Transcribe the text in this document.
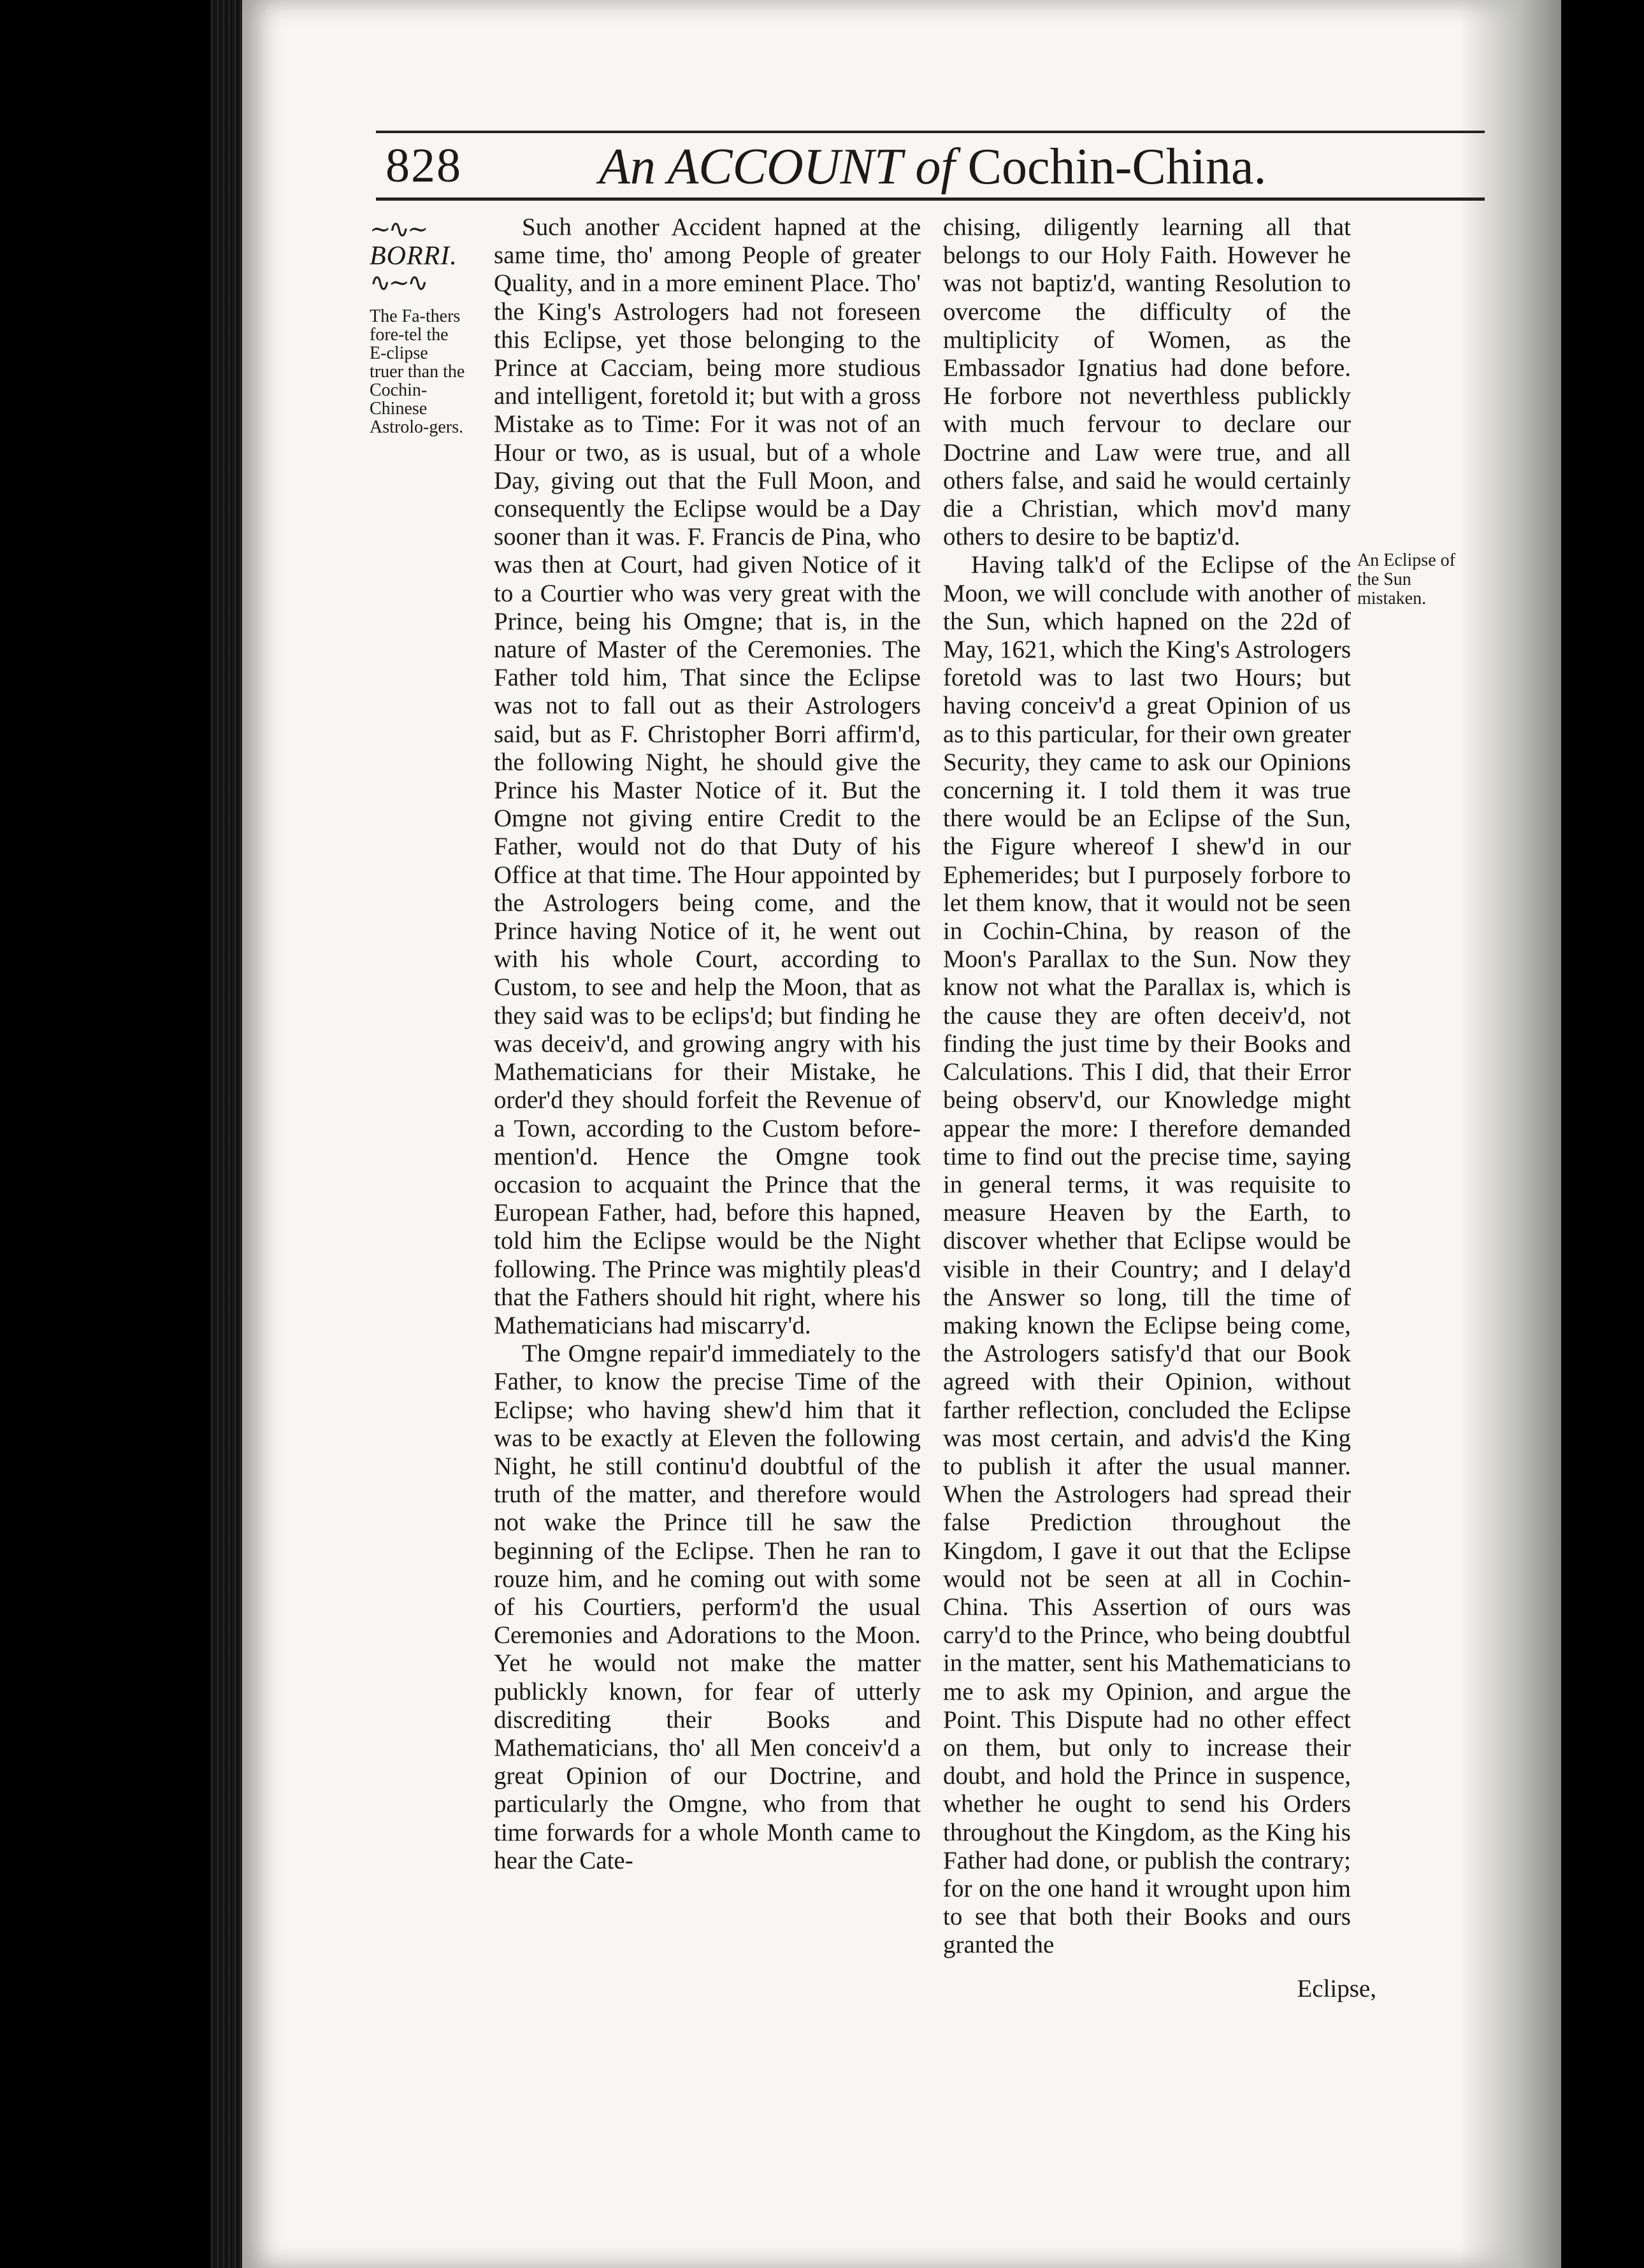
828	An ACCOUNT of Cochin-China.
∼∿∼
BORRI.
∿∼∿
The Fa-thers fore-tel the E-clipse truer than the Cochin-Chinese Astrolo-gers.

Such another Accident hapned at the same time, tho' among People of greater Quality, and in a more eminent Place. Tho' the King's Astrologers had not foreseen this Eclipse, yet those belonging to the Prince at Cacciam, being more studious and intelligent, foretold it; but with a gross Mistake as to Time: For it was not of an Hour or two, as is usual, but of a whole Day, giving out that the Full Moon, and consequently the Eclipse would be a Day sooner than it was. F. Francis de Pina, who was then at Court, had given Notice of it to a Courtier who was very great with the Prince, being his Omgne; that is, in the nature of Master of the Ceremonies. The Father told him, That since the Eclipse was not to fall out as their Astrologers said, but as F. Christopher Borri affirm'd, the following Night, he should give the Prince his Master Notice of it. But the Omgne not giving entire Credit to the Father, would not do that Duty of his Office at that time. The Hour appointed by the Astrologers being come, and the Prince having Notice of it, he went out with his whole Court, according to Custom, to see and help the Moon, that as they said was to be eclips'd; but finding he was deceiv'd, and growing angry with his Mathematicians for their Mistake, he order'd they should forfeit the Revenue of a Town, according to the Custom before-mention'd. Hence the Omgne took occasion to acquaint the Prince that the European Father, had, before this hapned, told him the Eclipse would be the Night following. The Prince was mightily pleas'd that the Fathers should hit right, where his Mathematicians had miscarry'd.

The Omgne repair'd immediately to the Father, to know the precise Time of the Eclipse; who having shew'd him that it was to be exactly at Eleven the following Night, he still continu'd doubtful of the truth of the matter, and therefore would not wake the Prince till he saw the beginning of the Eclipse. Then he ran to rouze him, and he coming out with some of his Courtiers, perform'd the usual Ceremonies and Adorations to the Moon. Yet he would not make the matter publickly known, for fear of utterly discrediting their Books and Mathematicians, tho' all Men conceiv'd a great Opinion of our Doctrine, and particularly the Omgne, who from that time forwards for a whole Month came to hear the Cate-

chising, diligently learning all that belongs to our Holy Faith. However he was not baptiz'd, wanting Resolution to overcome the difficulty of the multiplicity of Women, as the Embassador Ignatius had done before. He forbore not neverthless publickly with much fervour to declare our Doctrine and Law were true, and all others false, and said he would certainly die a Christian, which mov'd many others to desire to be baptiz'd.

Having talk'd of the Eclipse of the Moon, we will conclude with another of the Sun, which hapned on the 22d of May, 1621, which the King's Astrologers foretold was to last two Hours; but having conceiv'd a great Opinion of us as to this particular, for their own greater Security, they came to ask our Opinions concerning it. I told them it was true there would be an Eclipse of the Sun, the Figure whereof I shew'd in our Ephemerides; but I purposely forbore to let them know, that it would not be seen in Cochin-China, by reason of the Moon's Parallax to the Sun. Now they know not what the Parallax is, which is the cause they are often deceiv'd, not finding the just time by their Books and Calculations. This I did, that their Error being observ'd, our Knowledge might appear the more: I therefore demanded time to find out the precise time, saying in general terms, it was requisite to measure Heaven by the Earth, to discover whether that Eclipse would be visible in their Country; and I delay'd the Answer so long, till the time of making known the Eclipse being come, the Astrologers satisfy'd that our Book agreed with their Opinion, without farther reflection, concluded the Eclipse was most certain, and advis'd the King to publish it after the usual manner. When the Astrologers had spread their false Prediction throughout the Kingdom, I gave it out that the Eclipse would not be seen at all in Cochin-China. This Assertion of ours was carry'd to the Prince, who being doubtful in the matter, sent his Mathematicians to me to ask my Opinion, and argue the Point. This Dispute had no other effect on them, but only to increase their doubt, and hold the Prince in suspence, whether he ought to send his Orders throughout the Kingdom, as the King his Father had done, or publish the contrary; for on the one hand it wrought upon him to see that both their Books and ours granted the

An Eclipse of the Sun mistaken.
Eclipse,
